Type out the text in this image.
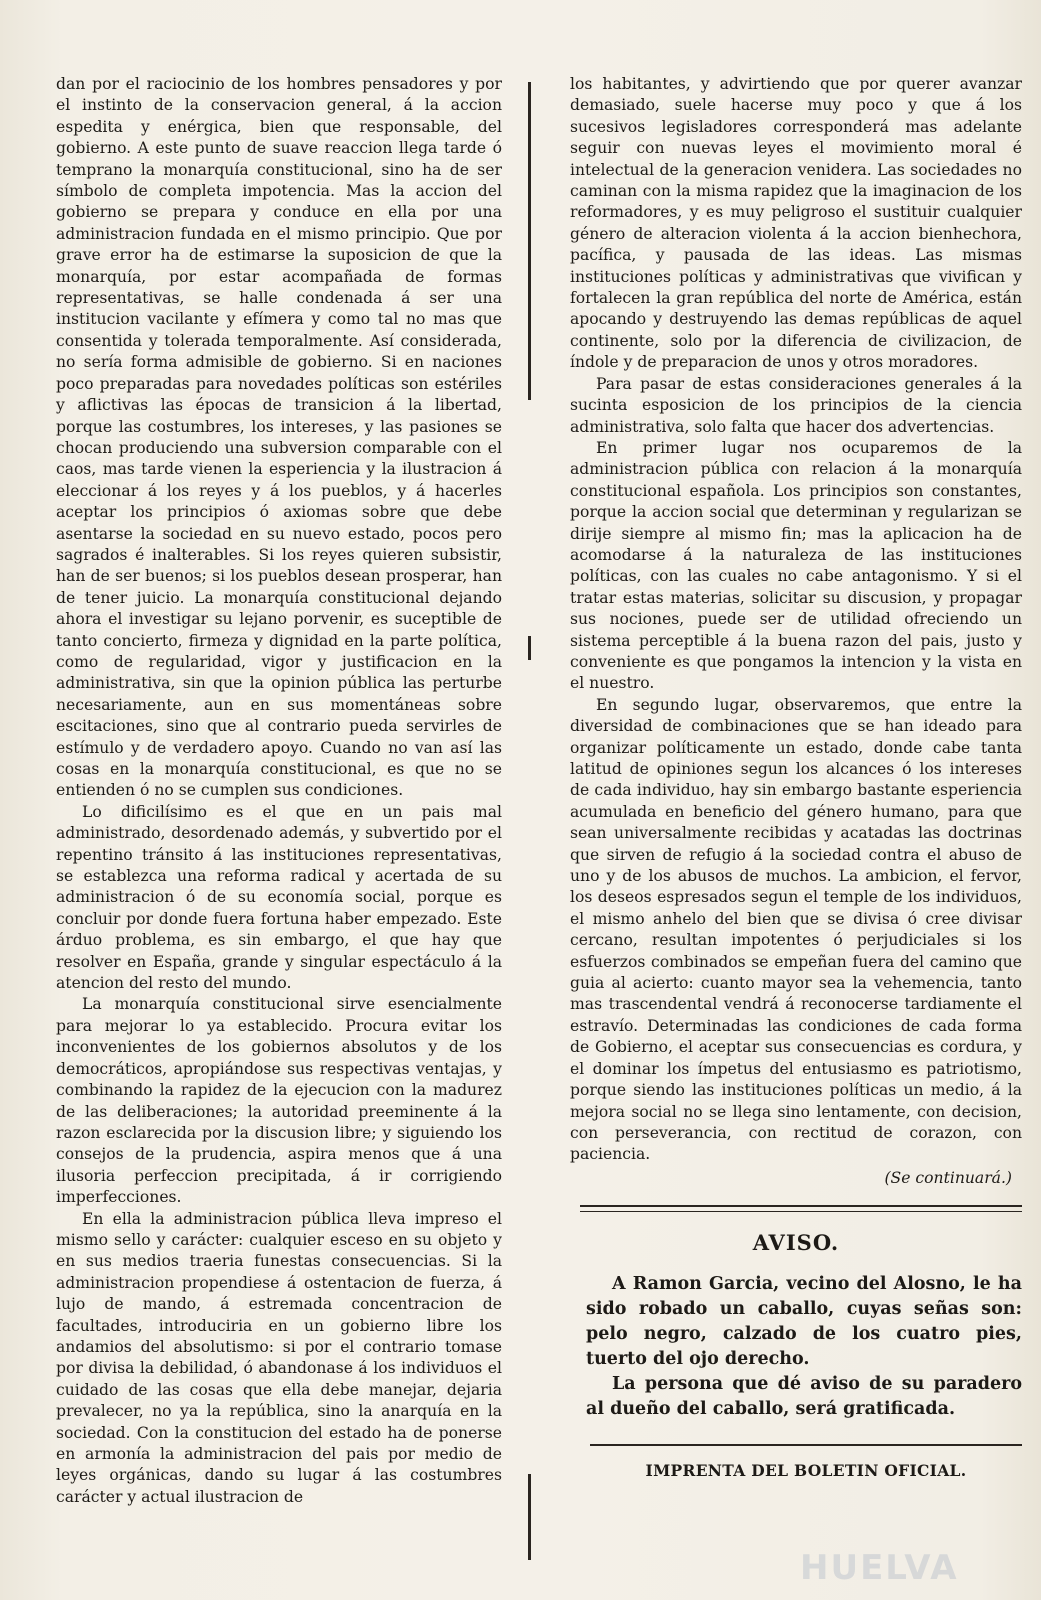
dan por el raciocinio de los hombres pensadores y por el instinto de la conservacion general, á la accion espedita y enérgica, bien que responsable, del gobierno. A este punto de suave reaccion llega tarde ó temprano la monarquía constitucional, sino ha de ser símbolo de completa impotencia. Mas la accion del gobierno se prepara y conduce en ella por una administracion fundada en el mismo principio. Que por grave error ha de estimarse la suposicion de que la monarquía, por estar acompañada de formas representativas, se halle condenada á ser una institucion vacilante y efímera y como tal no mas que consentida y tolerada temporalmente. Así considerada, no sería forma admisible de gobierno. Si en naciones poco preparadas para novedades políticas son estériles y aflictivas las épocas de transicion á la libertad, porque las costumbres, los intereses, y las pasiones se chocan produciendo una subversion comparable con el caos, mas tarde vienen la esperiencia y la ilustracion á eleccionar á los reyes y á los pueblos, y á hacerles aceptar los principios ó axiomas sobre que debe asentarse la sociedad en su nuevo estado, pocos pero sagrados é inalterables. Si los reyes quieren subsistir, han de ser buenos; si los pueblos desean prosperar, han de tener juicio. La monarquía constitucional dejando ahora el investigar su lejano porvenir, es suceptible de tanto concierto, firmeza y dignidad en la parte política, como de regularidad, vigor y justificacion en la administrativa, sin que la opinion pública las perturbe necesariamente, aun en sus momentáneas sobre escitaciones, sino que al contrario pueda servirles de estímulo y de verdadero apoyo. Cuando no van así las cosas en la monarquía constitucional, es que no se entienden ó no se cumplen sus condiciones.

Lo dificilísimo es el que en un pais mal administrado, desordenado además, y subvertido por el repentino tránsito á las instituciones representativas, se establezca una reforma radical y acertada de su administracion ó de su economía social, porque es concluir por donde fuera fortuna haber empezado. Este árduo problema, es sin embargo, el que hay que resolver en España, grande y singular espectáculo á la atencion del resto del mundo.

La monarquía constitucional sirve esencialmente para mejorar lo ya establecido. Procura evitar los inconvenientes de los gobiernos absolutos y de los democráticos, apropiándose sus respectivas ventajas, y combinando la rapidez de la ejecucion con la madurez de las deliberaciones; la autoridad preeminente á la razon esclarecida por la discusion libre; y siguiendo los consejos de la prudencia, aspira menos que á una ilusoria perfeccion precipitada, á ir corrigiendo imperfecciones.

En ella la administracion pública lleva impreso el mismo sello y carácter: cualquier esceso en su objeto y en sus medios traeria funestas consecuencias. Si la administracion propendiese á ostentacion de fuerza, á lujo de mando, á estremada concentracion de facultades, introduciria en un gobierno libre los andamios del absolutismo: si por el contrario tomase por divisa la debilidad, ó abandonase á los individuos el cuidado de las cosas que ella debe manejar, dejaria prevalecer, no ya la república, sino la anarquía en la sociedad. Con la constitucion del estado ha de ponerse en armonía la administracion del pais por medio de leyes orgánicas, dando su lugar á las costumbres carácter y actual ilustracion de

los habitantes, y advirtiendo que por querer avanzar demasiado, suele hacerse muy poco y que á los sucesivos legisladores corresponderá mas adelante seguir con nuevas leyes el movimiento moral é intelectual de la generacion venidera. Las sociedades no caminan con la misma rapidez que la imaginacion de los reformadores, y es muy peligroso el sustituir cualquier género de alteracion violenta á la accion bienhechora, pacífica, y pausada de las ideas. Las mismas instituciones políticas y administrativas que vivifican y fortalecen la gran república del norte de América, están apocando y destruyendo las demas repúblicas de aquel continente, solo por la diferencia de civilizacion, de índole y de preparacion de unos y otros moradores.

Para pasar de estas consideraciones generales á la sucinta esposicion de los principios de la ciencia administrativa, solo falta que hacer dos advertencias.

En primer lugar nos ocuparemos de la administracion pública con relacion á la monarquía constitucional española. Los principios son constantes, porque la accion social que determinan y regularizan se dirije siempre al mismo fin; mas la aplicacion ha de acomodarse á la naturaleza de las instituciones políticas, con las cuales no cabe antagonismo. Y si el tratar estas materias, solicitar su discusion, y propagar sus nociones, puede ser de utilidad ofreciendo un sistema perceptible á la buena razon del pais, justo y conveniente es que pongamos la intencion y la vista en el nuestro.

En segundo lugar, observaremos, que entre la diversidad de combinaciones que se han ideado para organizar políticamente un estado, donde cabe tanta latitud de opiniones segun los alcances ó los intereses de cada individuo, hay sin embargo bastante esperiencia acumulada en beneficio del género humano, para que sean universalmente recibidas y acatadas las doctrinas que sirven de refugio á la sociedad contra el abuso de uno y de los abusos de muchos. La ambicion, el fervor, los deseos espresados segun el temple de los individuos, el mismo anhelo del bien que se divisa ó cree divisar cercano, resultan impotentes ó perjudiciales si los esfuerzos combinados se empeñan fuera del camino que guia al acierto: cuanto mayor sea la vehemencia, tanto mas trascendental vendrá á reconocerse tardiamente el estravío. Determinadas las condiciones de cada forma de Gobierno, el aceptar sus consecuencias es cordura, y el dominar los ímpetus del entusiasmo es patriotismo, porque siendo las instituciones políticas un medio, á la mejora social no se llega sino lentamente, con decision, con perseverancia, con rectitud de corazon, con paciencia.

(Se continuará.)

AVISO.

A Ramon Garcia, vecino del Alosno, le ha sido robado un caballo, cuyas señas son: pelo negro, calzado de los cuatro pies, tuerto del ojo derecho.

La persona que dé aviso de su paradero al dueño del caballo, será gratificada.

IMPRENTA DEL BOLETIN OFICIAL.

HUELVA
